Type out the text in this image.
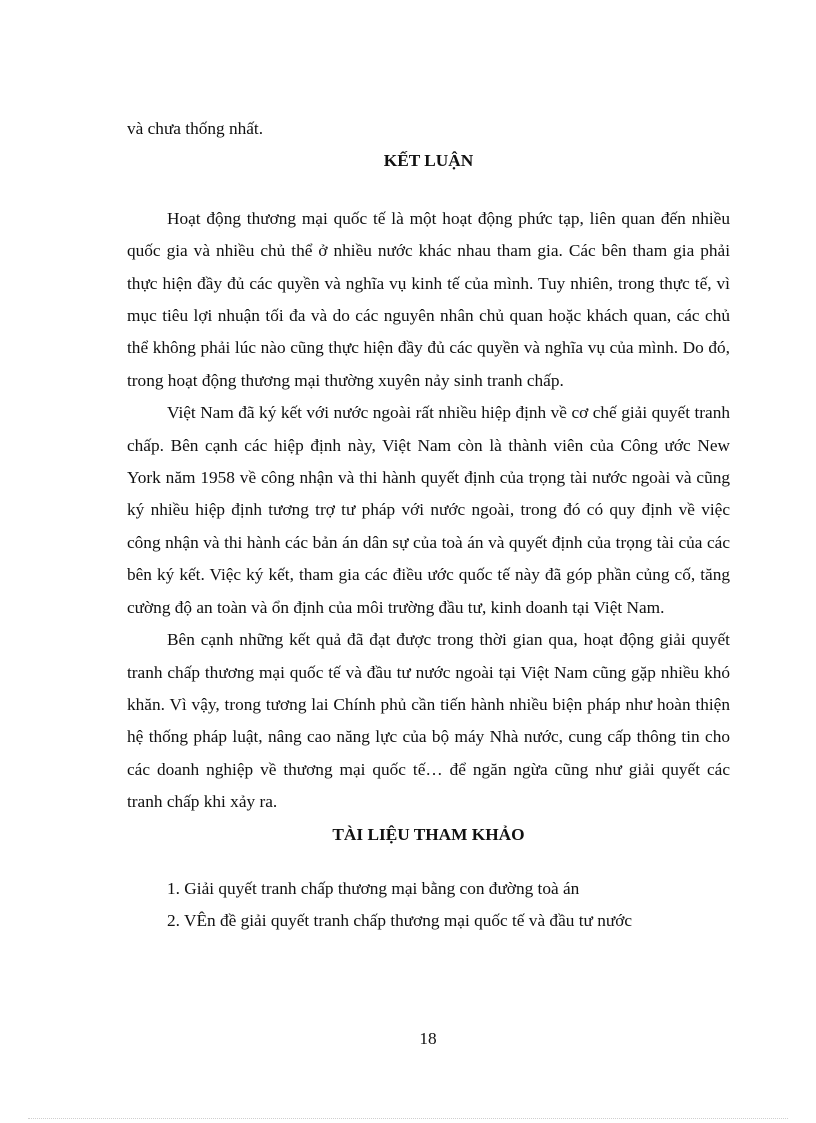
và chưa thống nhất.

KẾT LUẬN

Hoạt động thương mại quốc tế là một hoạt động phức tạp, liên quan đến nhiều quốc gia và nhiều chủ thể ở nhiều nước khác nhau tham gia. Các bên tham gia phải thực hiện đầy đủ các quyền và nghĩa vụ kinh tế của mình. Tuy nhiên, trong thực tế, vì mục tiêu lợi nhuận tối đa và do các nguyên nhân chủ quan hoặc khách quan, các chủ thể không phải lúc nào cũng thực hiện đầy đủ các quyền và nghĩa vụ của mình. Do đó, trong hoạt động thương mại thường xuyên nảy sinh tranh chấp.

Việt Nam đã ký kết với nước ngoài rất nhiều hiệp định về cơ chế giải quyết tranh chấp. Bên cạnh các hiệp định này, Việt Nam còn là thành viên của Công ước New York năm 1958 về công nhận và thi hành quyết định của trọng tài nước ngoài và cũng ký nhiều hiệp định tương trợ tư pháp với nước ngoài, trong đó có quy định về việc công nhận và thi hành các bản án dân sự của toà án và quyết định của trọng tài của các bên ký kết. Việc ký kết, tham gia các điều ước quốc tế này đã góp phần củng cố, tăng cường độ an toàn và ổn định của môi trường đầu tư, kinh doanh tại Việt Nam.

Bên cạnh những kết quả đã đạt được trong thời gian qua, hoạt động giải quyết tranh chấp thương mại quốc tế và đầu tư nước ngoài tại Việt Nam cũng gặp nhiều khó khăn. Vì vậy, trong tương lai Chính phủ cần tiến hành nhiều biện pháp như hoàn thiện hệ thống pháp luật, nâng cao năng lực của bộ máy Nhà nước, cung cấp thông tin cho các doanh nghiệp về thương mại quốc tế… để ngăn ngừa cũng như giải quyết các tranh chấp khi xảy ra.

TÀI LIỆU THAM KHẢO

1. Giải quyết tranh chấp thương mại bằng con đường toà án

2. VÊn đề giải quyết tranh chấp thương mại quốc tế và đầu tư nước

18
